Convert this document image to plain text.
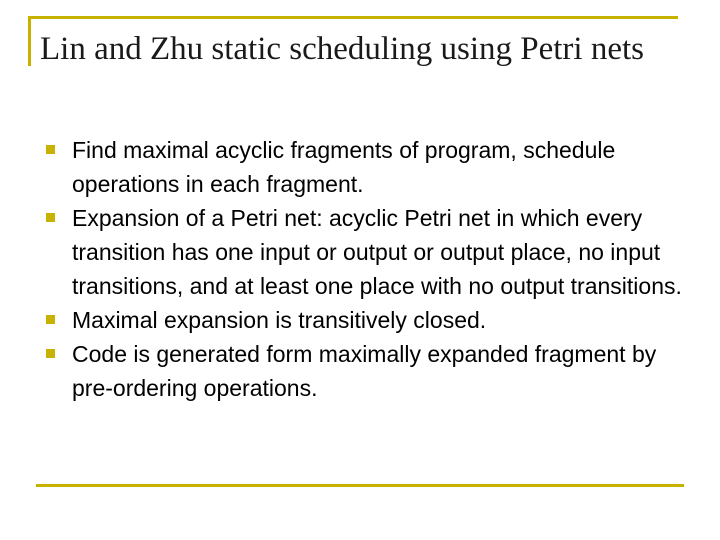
Lin and Zhu static scheduling using Petri nets
Find maximal acyclic fragments of program, schedule operations in each fragment.
Expansion of a Petri net: acyclic Petri net in which every transition has one input or output or output place, no input transitions, and at least one place with no output transitions.
Maximal expansion is transitively closed.
Code is generated form maximally expanded fragment by pre-ordering operations.
